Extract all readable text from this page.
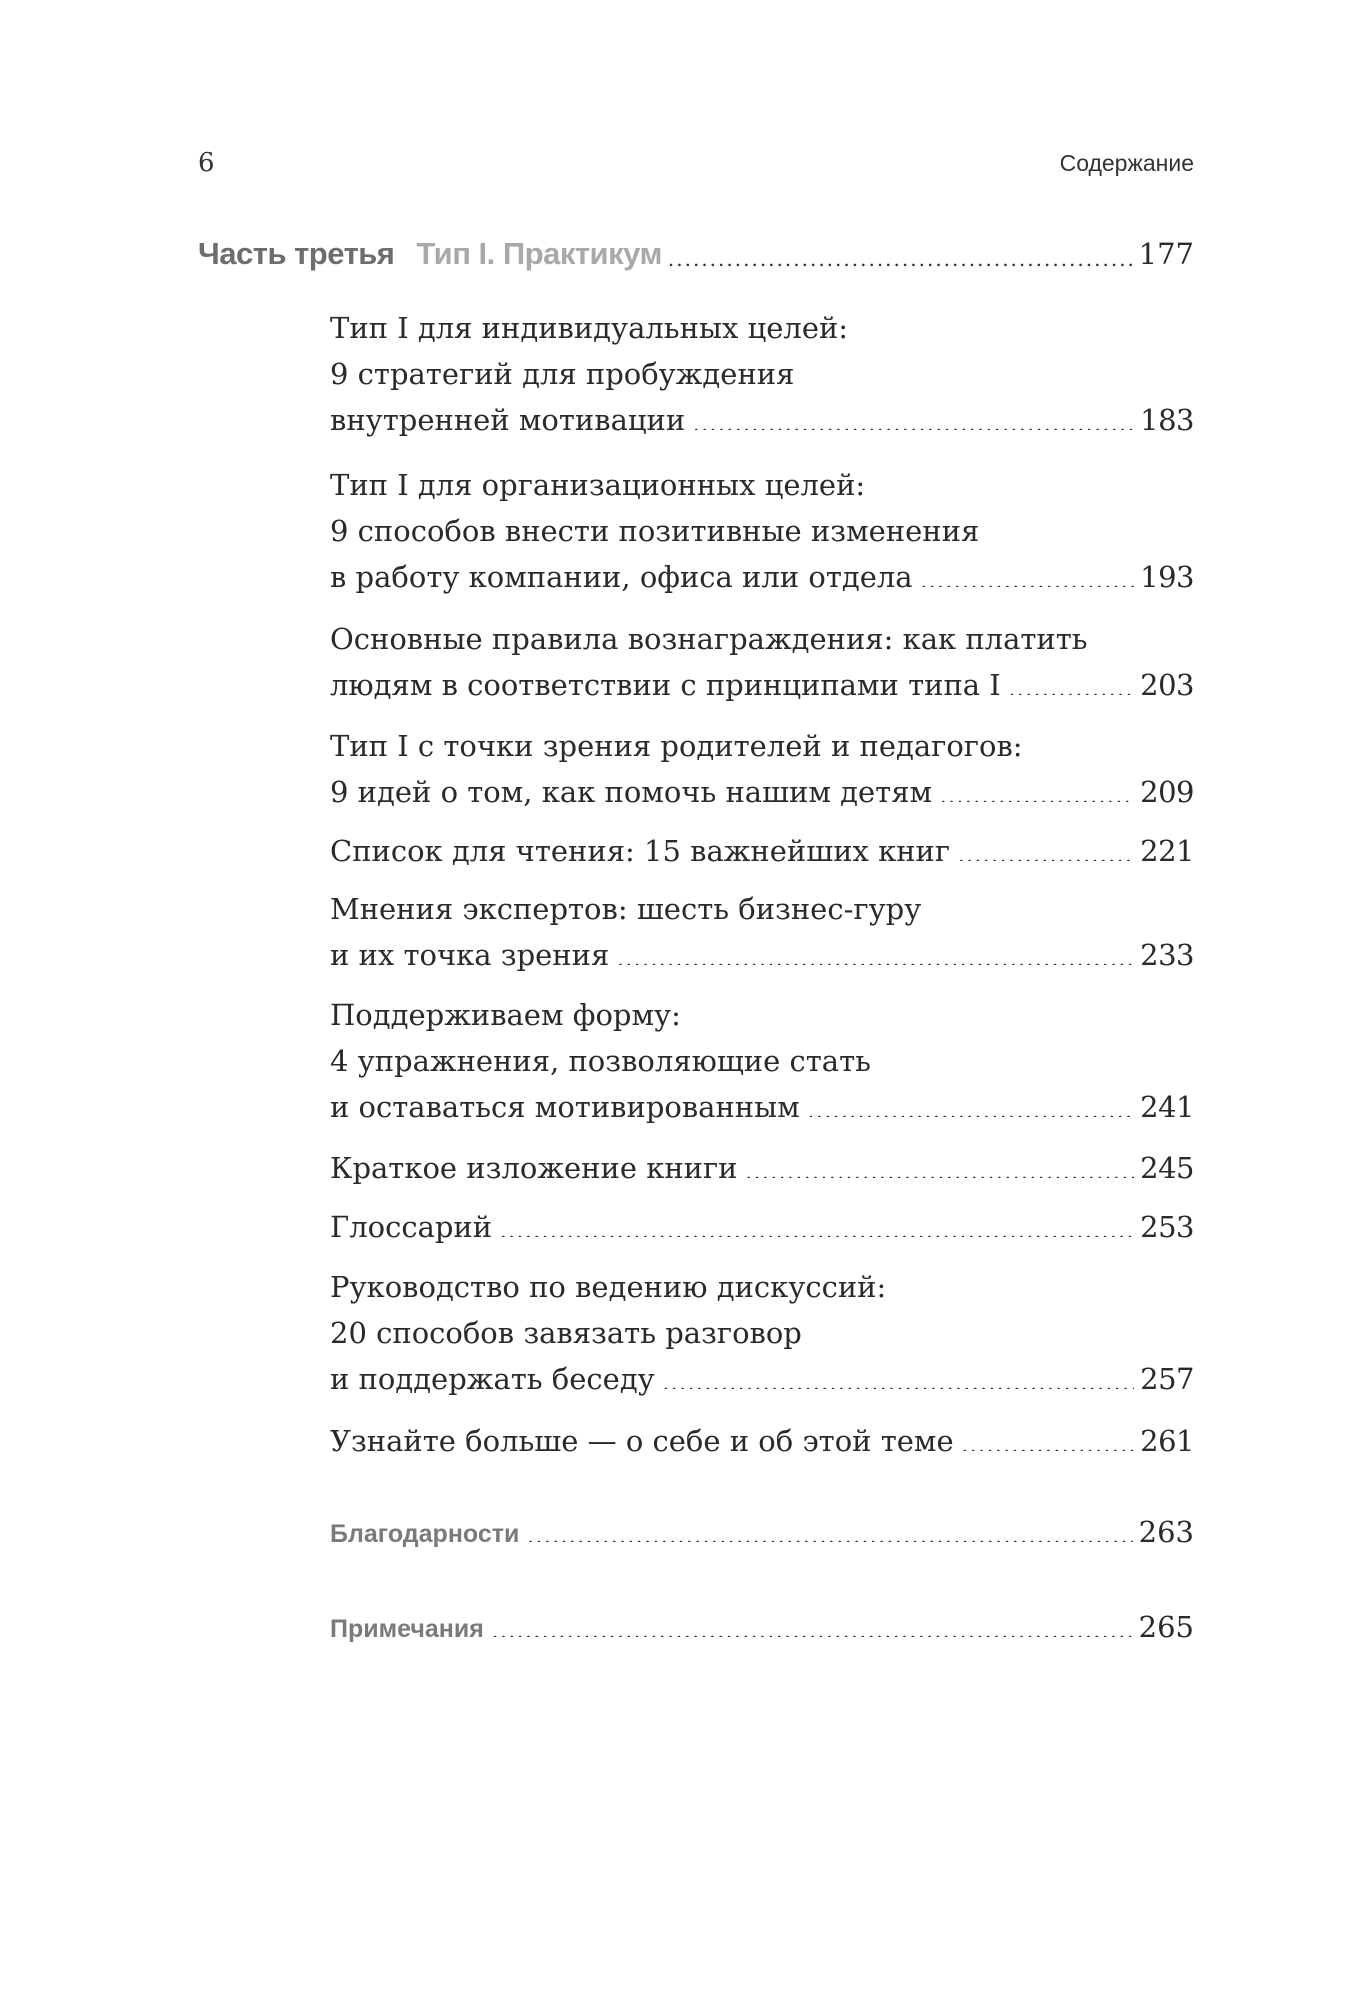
6	Содержание
Часть третья Тип I. Практикум .....	177
Тип I для индивидуальных целей:
9 стратегий для пробуждения
внутренней мотивации .....	183
Тип I для организационных целей:
9 способов внести позитивные изменения
в работу компании, офиса или отдела .....	193
Основные правила вознаграждения: как платить
людям в соответствии с принципами типа I .....	203
Тип I с точки зрения родителей и педагогов:
9 идей о том, как помочь нашим детям .....	209
Список для чтения: 15 важнейших книг .....	221
Мнения экспертов: шесть бизнес-гуру
и их точка зрения .....	233
Поддерживаем форму:
4 упражнения, позволяющие стать
и оставаться мотивированным .....	241
Краткое изложение книги .....	245
Глоссарий .....	253
Руководство по ведению дискуссий:
20 способов завязать разговор
и поддержать беседу .....	257
Узнайте больше — о себе и об этой теме .....	261
Благодарности .....	263
Примечания .....	265
